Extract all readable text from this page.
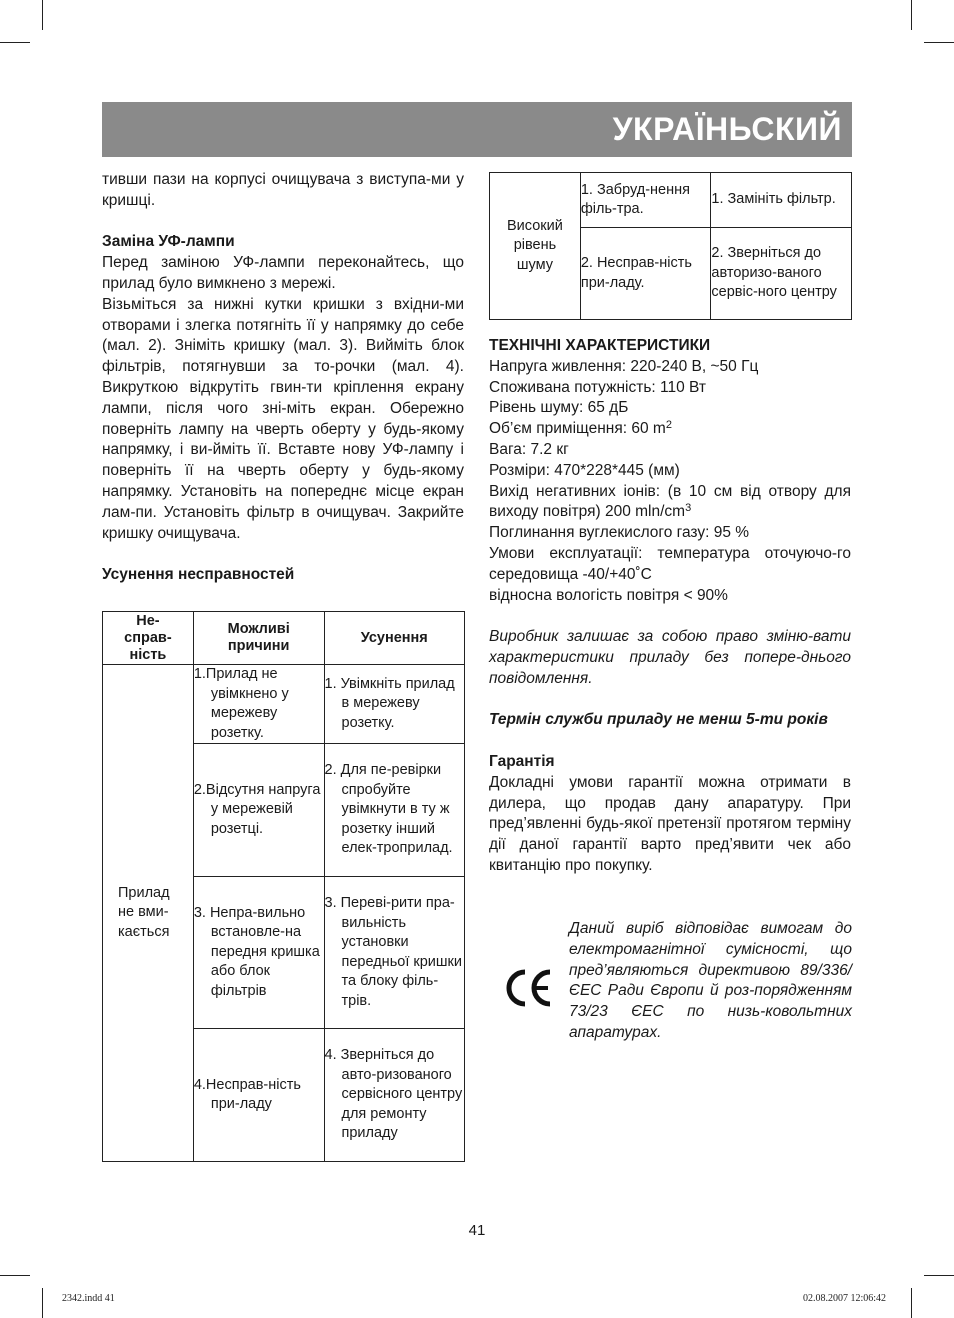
УКРАЇНЬСКИЙ

тивши пази на корпусі очищувача з виступа-ми у кришці.

Заміна УФ-лампи

Перед заміною УФ-лампи переконайтесь, що прилад було вимкнено з мережі.

Візьміться за нижні кутки кришки з вхідни-ми отворами і злегка потягніть її у напрямку до себе (мал. 2). Зніміть кришку (мал. 3). Вийміть блок фільтрів, потягнувши за то-рочки (мал. 4). Викруткою відкрутіть гвин-ти кріплення екрану лампи, після чого зні-міть екран. Обережно поверніть лампу на чверть оберту у будь-якому напрямку, і ви-йміть її. Вставте нову УФ-лампу і поверніть її на чверть оберту у будь-якому напрямку. Установіть на попереднє місце екран лам-пи. Установіть фільтр в очищувач. Закрийте кришку очищувача.

Усунення несправностей

Не-справ-ність	Можливі причини	Усунення
Прилад не вми-кається	1.Прилад не увімкнено у мережеву розетку.	1. Увімкніть прилад в мережеву розетку.

	2.Відсутня напруга у мережевій розетці.	2. Для пе-ревірки спробуйте увімкнути в ту ж розетку інший елек-троприлад.

	3. Непра-вильно встановле-на передня кришка або блок фільтрів	3. Переві-рити пра-вильність установки передньої кришки та блоку філь-трів.

	4.Несправ-ність при-ладу	4. Зверніться до авто-ризованого сервісного центру для ремонту приладу
Високий рівень шуму	1. Забруд-нення філь-тра.	1. Замініть фільтр.
	2. Несправ-ність при-ладу.	2. Зверніться до авторизо-ваного сервіс-ного центру

ТЕХНІЧНІ ХАРАКТЕРИСТИКИ

Напруга живлення: 220-240 В, ~50 Гц

Споживана потужність: 110 Вт

Рівень шуму: 65 дБ

Об’єм приміщення: 60 $m^2$

Вага: 7.2 кг

Розміри: 470*228*445 (мм)

Вихід негативних іонів: (в 10 см від отвору для виходу повітря) 200 mln/$cm^3$

Поглинання вуглекислого газу: 95 %

Умови експлуатації: температура оточуючо-го середовища -40/+40˚С

відносна вологість повітря < 90%

Виробник залишає за собою право зміню-вати характеристики приладу без попере-днього повідомлення.

Термін служби приладу не менш 5-ти років

Гарантія

Докладні умови гарантії можна отримати в дилера, що продав дану апаратуру. При пред’явленні будь-якої претензії протягом терміну дії даної гарантії варто пред’явити чек або квитанцію про покупку.

Даний виріб відповідає вимогам до електромагнітної сумісності, що пред’являються директивою 89/336/ЄЕС Ради Європи й роз-порядженням 73/23 ЄЕС по низь-ковольтних апаратурах.
41
2342.indd 41	02.08.2007 12:06:42
